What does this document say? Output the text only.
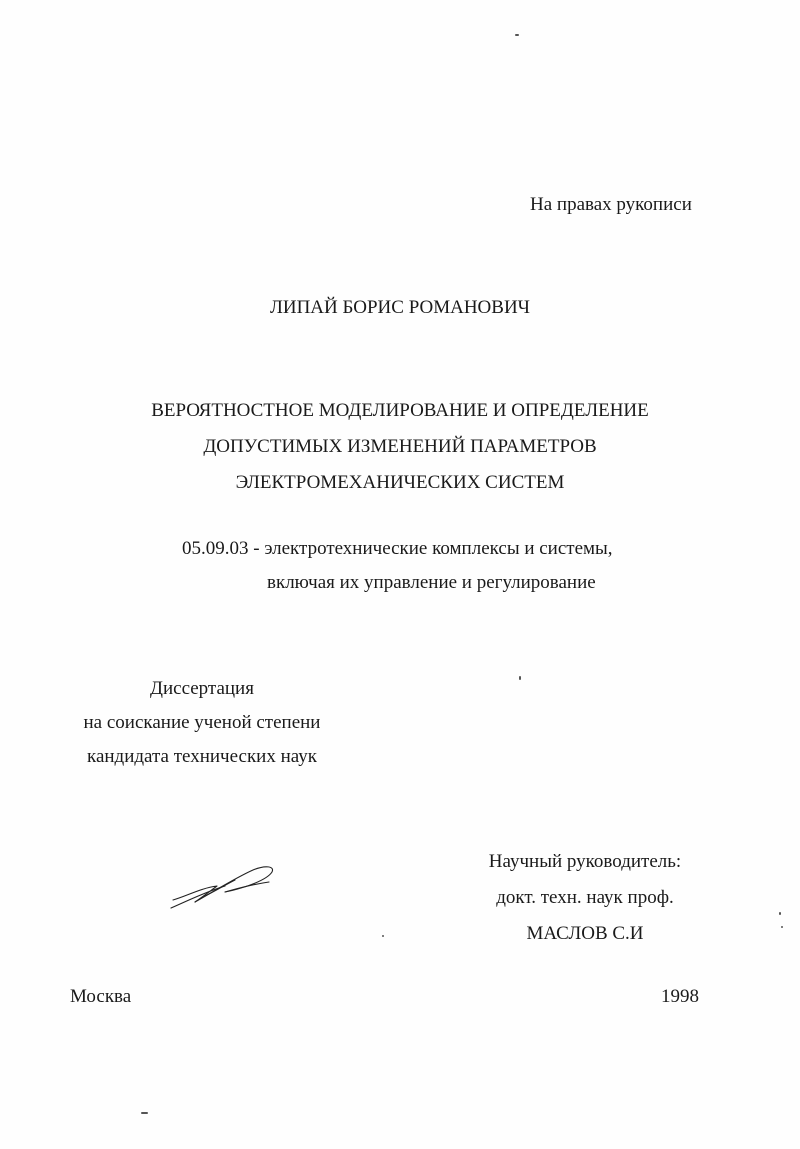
На правах рукописи
ЛИПАЙ БОРИС РОМАНОВИЧ
ВЕРОЯТНОСТНОЕ МОДЕЛИРОВАНИЕ И ОПРЕДЕЛЕНИЕ
ДОПУСТИМЫХ ИЗМЕНЕНИЙ ПАРАМЕТРОВ
ЭЛЕКТРОМЕХАНИЧЕСКИХ СИСТЕМ
05.09.03 - электротехнические комплексы и системы,
включая их управление и регулирование
Диссертация
на соискание ученой степени
кандидата технических наук
Научный руководитель:
докт. техн. наук проф.
МАСЛОВ С.И
Москва	1998
